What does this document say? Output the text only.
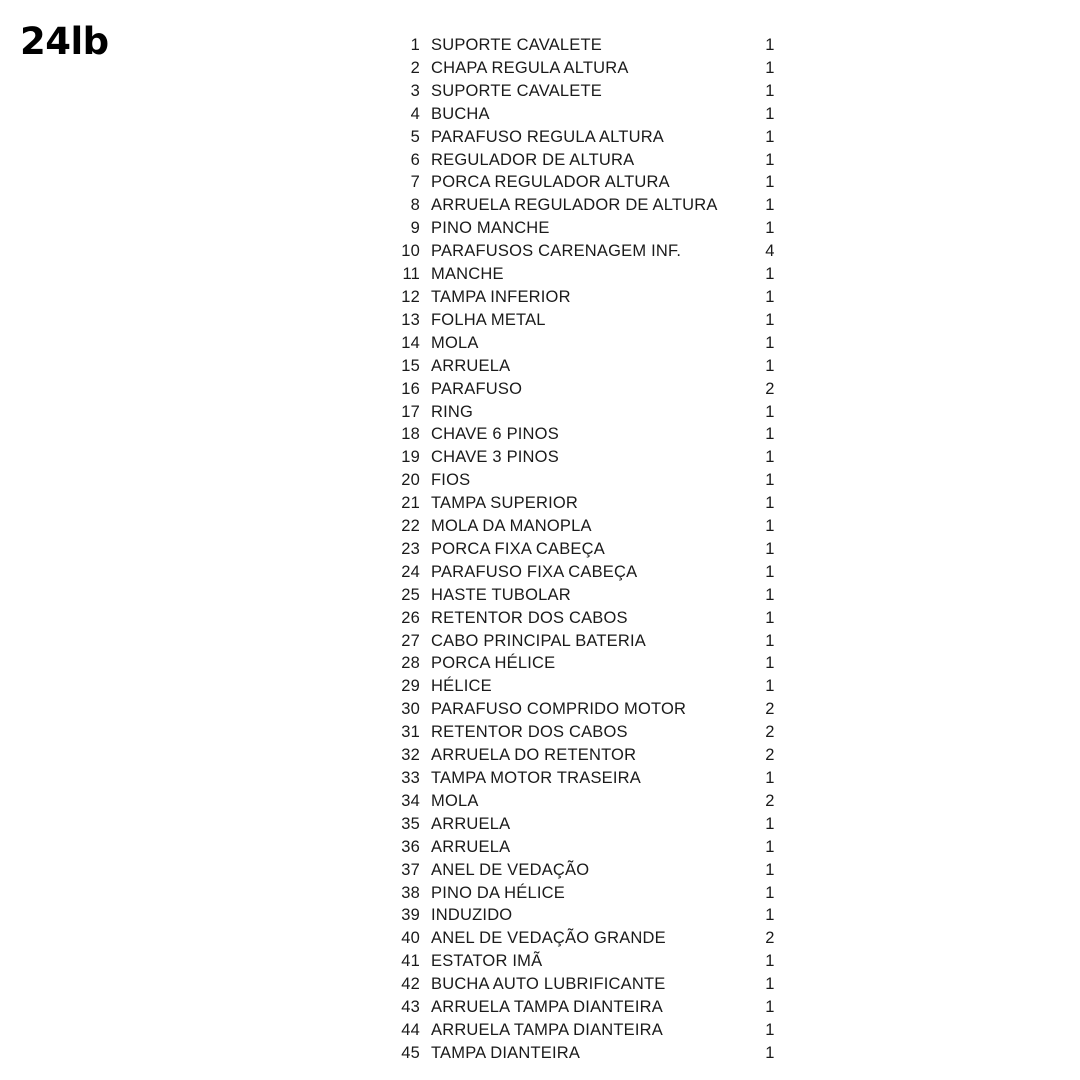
24lb	1 SUPORTE CAVALETE	1
2 CHAPA REGULA ALTURA	1
3 SUPORTE CAVALETE	1
4 BUCHA	1
5 PARAFUSO REGULA ALTURA	1
6 REGULADOR DE ALTURA	1
7 PORCA REGULADOR ALTURA	1
8 ARRUELA REGULADOR DE ALTURA	1
9 PINO MANCHE	1
10 PARAFUSOS CARENAGEM INF.	4
11 MANCHE	1
12 TAMPA INFERIOR	1
13 FOLHA METAL	1
14 MOLA	1
15 ARRUELA	1
16 PARAFUSO	2
17 RING	1
18 CHAVE 6 PINOS	1
19 CHAVE 3 PINOS	1
20 FIOS	1
21 TAMPA SUPERIOR	1
22 MOLA DA MANOPLA	1
23 PORCA FIXA CABEÇA	1
24 PARAFUSO FIXA CABEÇA	1
25 HASTE TUBOLAR	1
26 RETENTOR DOS CABOS	1
27 CABO PRINCIPAL BATERIA	1
28 PORCA HÉLICE	1
29 HÉLICE	1
30 PARAFUSO COMPRIDO MOTOR	2
31 RETENTOR DOS CABOS	2
32 ARRUELA DO RETENTOR	2
33 TAMPA MOTOR TRASEIRA	1
34 MOLA	2
35 ARRUELA	1
36 ARRUELA	1
37 ANEL DE VEDAÇÃO	1
38 PINO DA HÉLICE	1
39 INDUZIDO	1
40 ANEL DE VEDAÇÃO GRANDE	2
41 ESTATOR IMÃ	1
42 BUCHA AUTO LUBRIFICANTE	1
43 ARRUELA TAMPA DIANTEIRA	1
44 ARRUELA TAMPA DIANTEIRA	1
45 TAMPA DIANTEIRA	1
